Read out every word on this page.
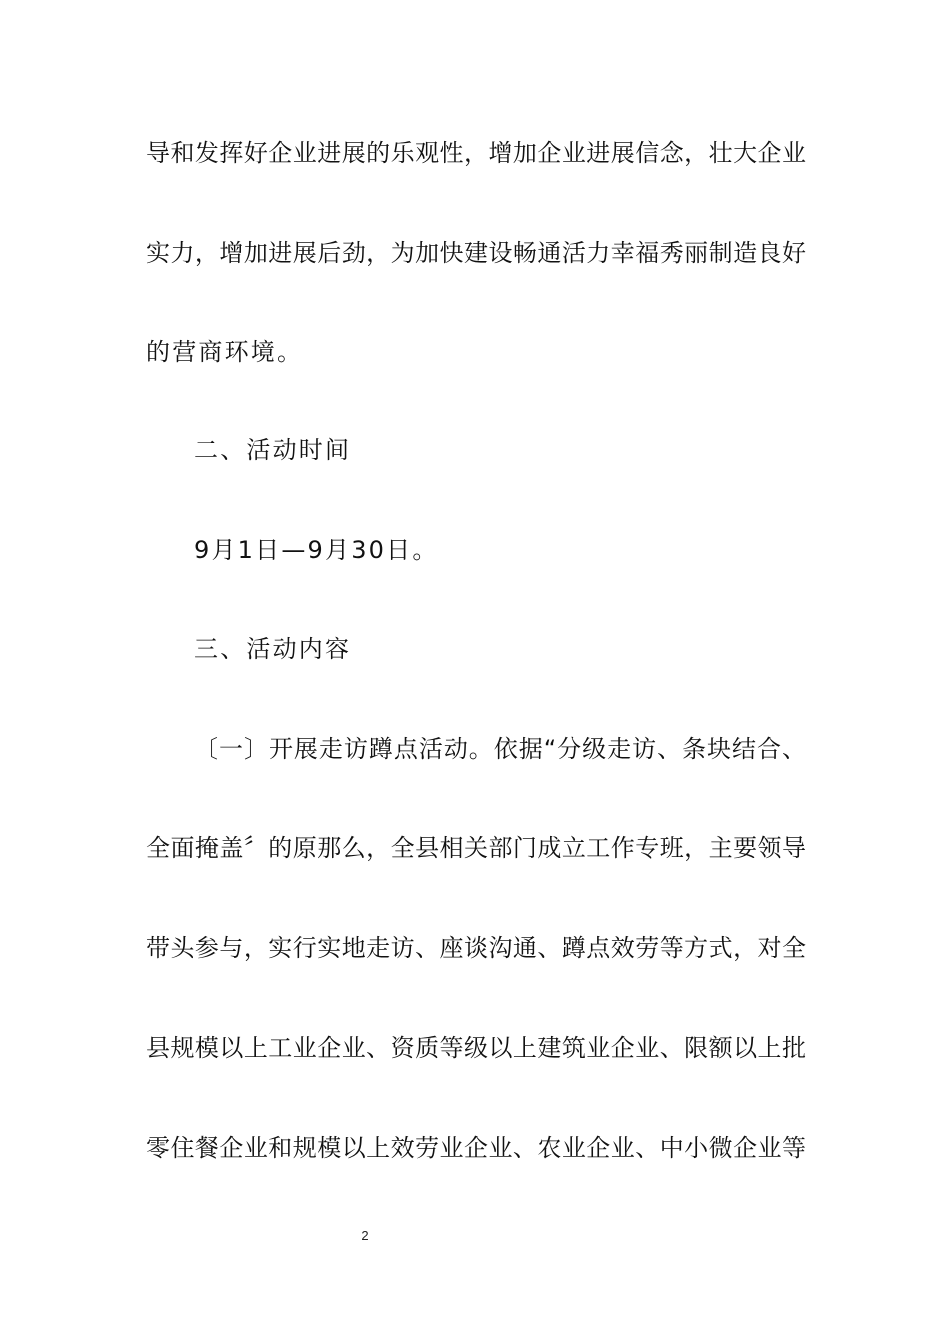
导和发挥好企业进展的乐观性，增加企业进展信念，壮大企业
实力，增加进展后劲，为加快建设畅通活力幸福秀丽制造良好
的营商环境。
二、活动时间
9月1日—9月30日。
三、活动内容
〔一〕开展走访蹲点活动。依据“分级走访、条块结合、
全面掩盖〞的原那么，全县相关部门成立工作专班，主要领导
带头参与，实行实地走访、座谈沟通、蹲点效劳等方式，对全
县规模以上工业企业、资质等级以上建筑业企业、限额以上批
零住餐企业和规模以上效劳业企业、农业企业、中小微企业等
2
